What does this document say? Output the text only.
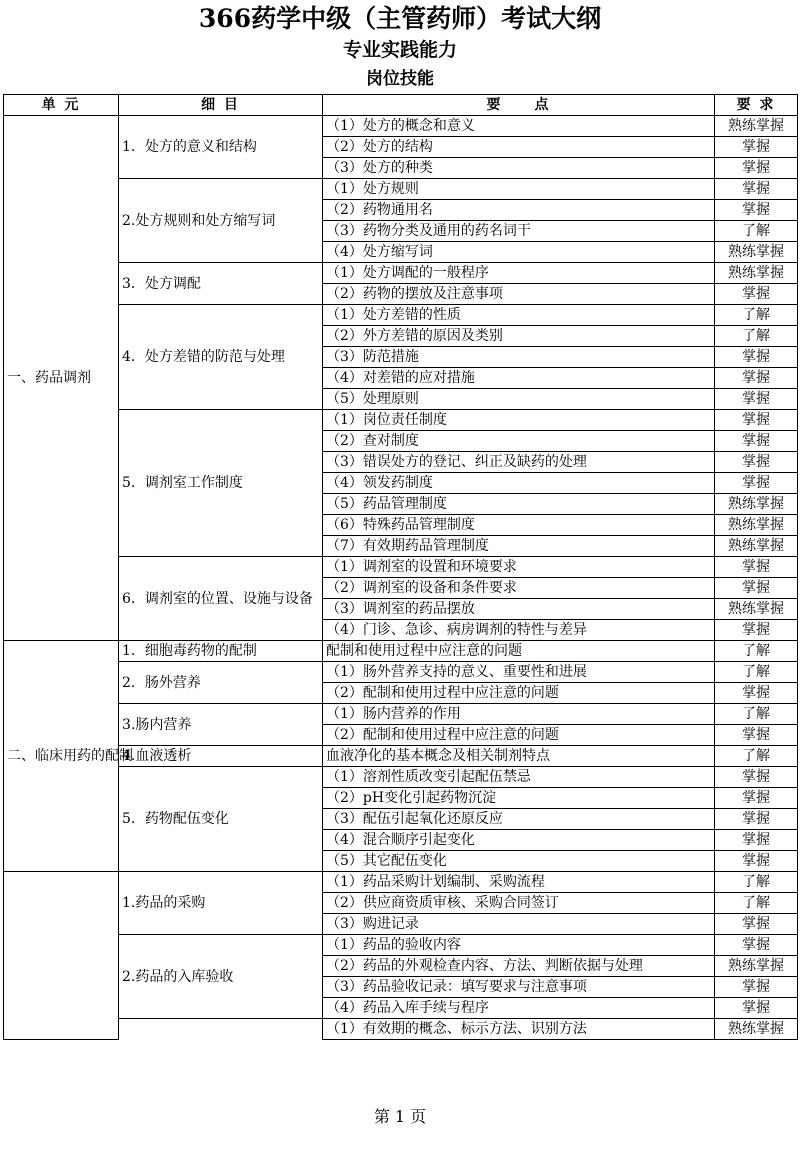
366药学中级（主管药师）考试大纲
专业实践能力
岗位技能
单 元	细 目	要　　点	要 求
一、药品调剂	1．处方的意义和结构	（1）处方的概念和意义	熟练掌握
		（2）处方的结构	掌握
		（3）处方的种类	掌握
	2.处方规则和处方缩写词	（1）处方规则	掌握
		（2）药物通用名	掌握
		（3）药物分类及通用的药名词干	了解
		（4）处方缩写词	熟练掌握
	3．处方调配	（1）处方调配的一般程序	熟练掌握
		（2）药物的摆放及注意事项	掌握
	4．处方差错的防范与处理	（1）处方差错的性质	了解
		（2）外方差错的原因及类别	了解
		（3）防范措施	掌握
		（4）对差错的应对措施	掌握
		（5）处理原则	掌握
	5．调剂室工作制度	（1）岗位责任制度	掌握
		（2）查对制度	掌握
		（3）错误处方的登记、纠正及缺药的处理	掌握
		（4）领发药制度	掌握
		（5）药品管理制度	熟练掌握
		（6）特殊药品管理制度	熟练掌握
		（7）有效期药品管理制度	熟练掌握
	6．调剂室的位置、设施与设备	（1）调剂室的设置和环境要求	掌握
		（2）调剂室的设备和条件要求	掌握
		（3）调剂室的药品摆放	熟练掌握
		（4）门诊、急诊、病房调剂的特性与差异	掌握
二、临床用药的配制	1．细胞毒药物的配制	配制和使用过程中应注意的问题	了解
	2．肠外营养	（1）肠外营养支持的意义、重要性和进展	了解
		（2）配制和使用过程中应注意的问题	掌握
	3.肠内营养	（1）肠内营养的作用	了解
		（2）配制和使用过程中应注意的问题	掌握
	4.血液透析	血液净化的基本概念及相关制剂特点	了解
	5．药物配伍变化	（1）溶剂性质改变引起配伍禁忌	掌握
		（2）pH变化引起药物沉淀	掌握
		（3）配伍引起氧化还原反应	掌握
		（4）混合顺序引起变化	掌握
		（5）其它配伍变化	掌握
	1.药品的采购	（1）药品采购计划编制、采购流程	了解
		（2）供应商资质审核、采购合同签订	了解
		（3）购进记录	掌握
	2.药品的入库验收	（1）药品的验收内容	掌握
		（2）药品的外观检查内容、方法、判断依据与处理	熟练掌握
		（3）药品验收记录：填写要求与注意事项	掌握
		（4）药品入库手续与程序	掌握
		（1）有效期的概念、标示方法、识别方法	熟练掌握
第 1 页
